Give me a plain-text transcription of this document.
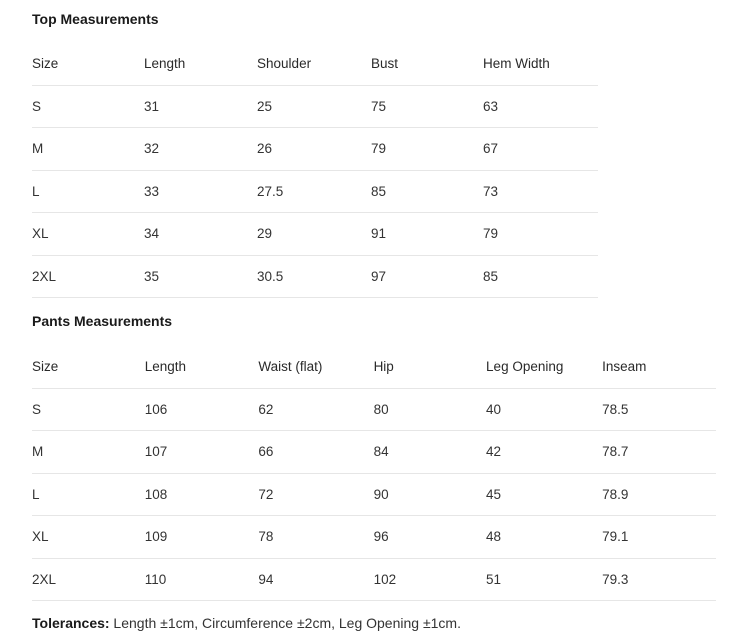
Top Measurements
Size	Length	Shoulder	Bust	Hem Width
S	31	25	75	63
M	32	26	79	67
L	33	27.5	85	73
XL	34	29	91	79
2XL	35	30.5	97	85
Pants Measurements
Size	Length	Waist (flat)	Hip	Leg Opening	Inseam
S	106	62	80	40	78.5
M	107	66	84	42	78.7
L	108	72	90	45	78.9
XL	109	78	96	48	79.1
2XL	110	94	102	51	79.3
Tolerances: Length ±1cm, Circumference ±2cm, Leg Opening ±1cm.
